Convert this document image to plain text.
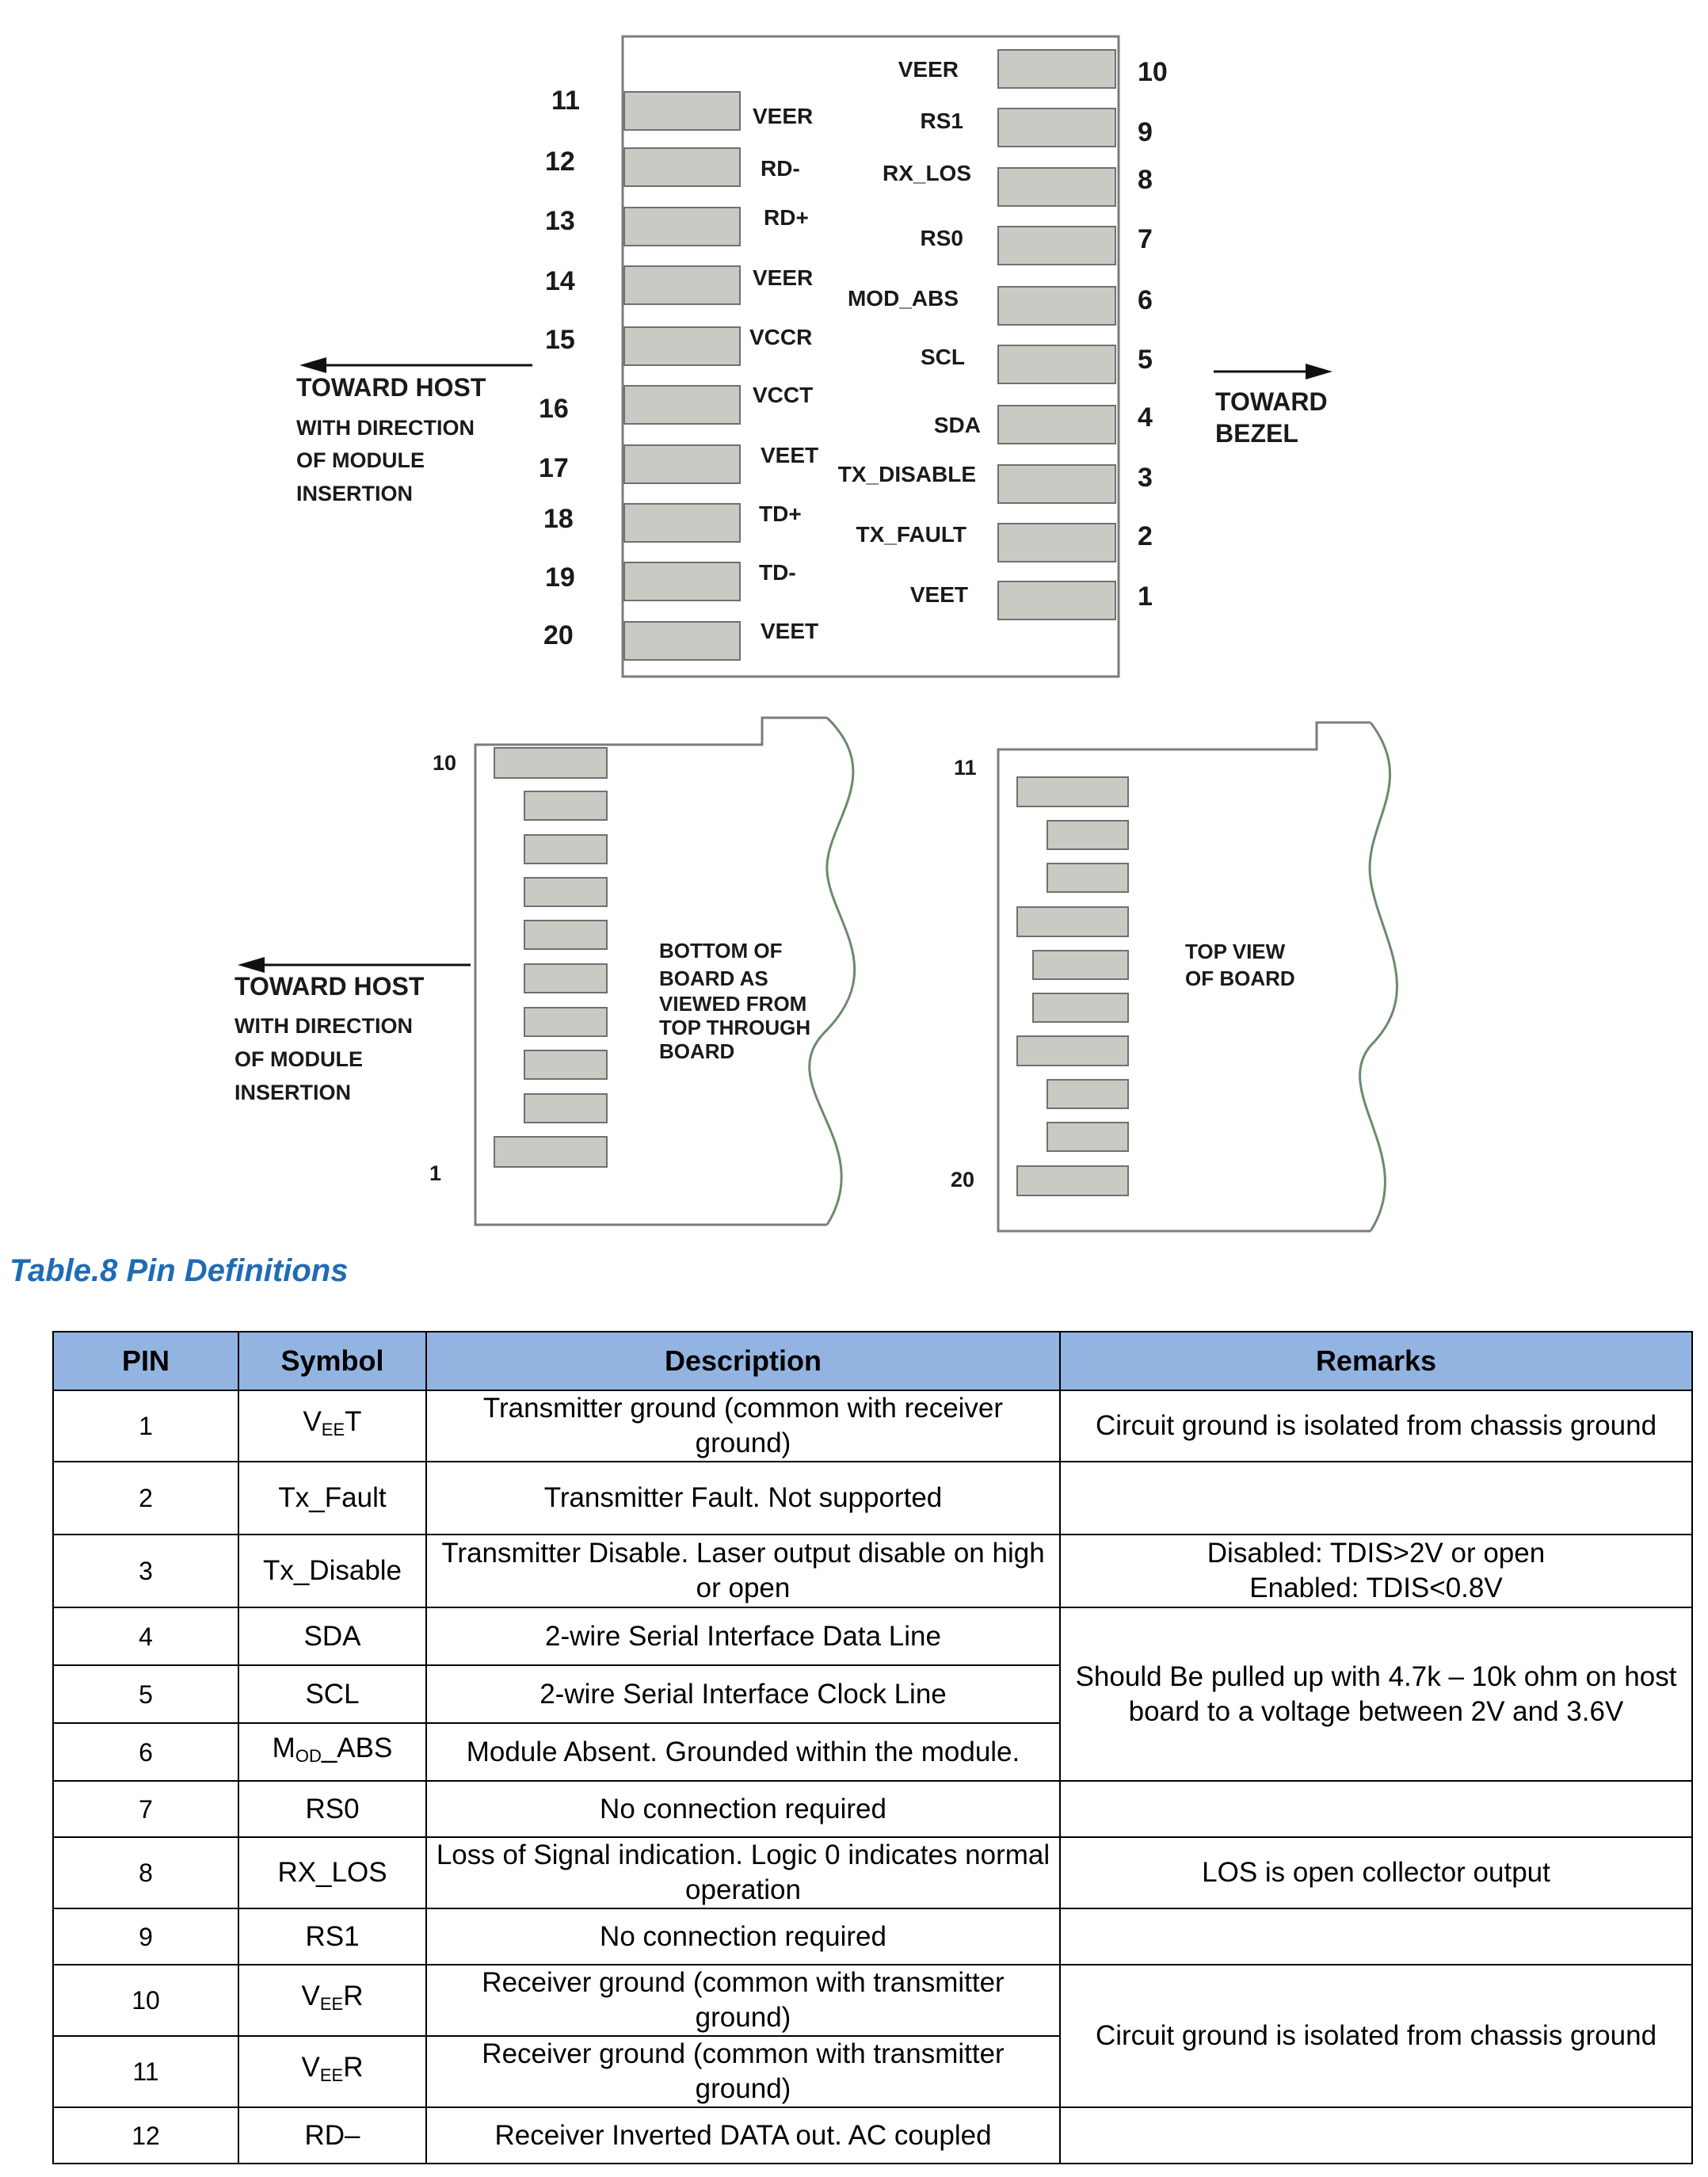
11
12
13
14
15
16
17
18
19
20
VEER
RD-
RD+
VEER
VCCR
VCCT
VEET
TD+
TD-
VEET
VEER
RS1
RX_LOS
RS0
MOD_ABS
SCL
SDA
TX_DISABLE
TX_FAULT
VEET
10
9
8
7
6
5
4
3
2
1
TOWARD HOST
WITH DIRECTION
OF MODULE
INSERTION
TOWARD
BEZEL
10
1
BOTTOM OF
BOARD AS
VIEWED FROM
TOP THROUGH
BOARD
TOWARD HOST
WITH DIRECTION
OF MODULE
INSERTION
11
20
TOP VIEW
OF BOARD
Table.8 Pin Definitions
PIN	Symbol	Description	Remarks
1	$V_{EE}T$	Transmitter ground (common with receiver ground)	Circuit ground is isolated from chassis ground
2	Tx_Fault	Transmitter Fault. Not supported	
3	Tx_Disable	Transmitter Disable. Laser output disable on high or open	Disabled: TDIS>2V or open
Enabled: TDIS<0.8V

4	SDA	2-wire Serial Interface Data Line	Should Be pulled up with 4.7k – 10k ohm on host board to a voltage between 2V and 3.6V
5	SCL	2-wire Serial Interface Clock Line	
6	$M_{OD}\_ABS$	Module Absent. Grounded within the module.	
7	RS0	No connection required	
8	RX_LOS	Loss of Signal indication. Logic 0 indicates normal operation	LOS is open collector output
9	RS1	No connection required	
10	$V_{EE}R$	Receiver ground (common with transmitter ground)	Circuit ground is isolated from chassis ground
11	$V_{EE}R$	Receiver ground (common with transmitter ground)	
12	RD–	Receiver Inverted DATA out. AC coupled	
